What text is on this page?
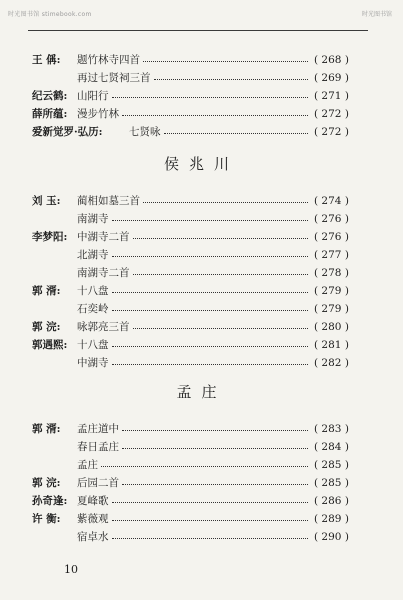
时光图书馆 stimebook.com	时光图书馆
王 偁: 题竹林寺四首	( 268 )
再过七贤祠三首	( 269 )
纪云鹤: 山阳行	( 271 )
薛所蕴: 漫步竹林	( 272 )
爱新觉罗·弘历:	七贤咏	( 272 )
侯兆川
刘 玉: 蔺相如墓三首	( 274 )
南湖寺	( 276 )
李梦阳: 中湖寺二首	( 276 )
北湖寺	( 277 )
南湖寺二首	( 278 )
郭 湑: 十八盘	( 279 )
石奕岭	( 279 )
郭 浣: 咏郭亮三首	( 280 )
郭遇熙: 十八盘	( 281 )
中湖寺	( 282 )
孟庄
郭 湑: 孟庄道中	( 283 )
春日孟庄	( 284 )
孟庄	( 285 )
郭 浣: 后园二首	( 285 )
孙奇逢: 夏峰歌	( 286 )
许 衡: 紫薇观	( 289 )
宿卓水	( 290 )
10
